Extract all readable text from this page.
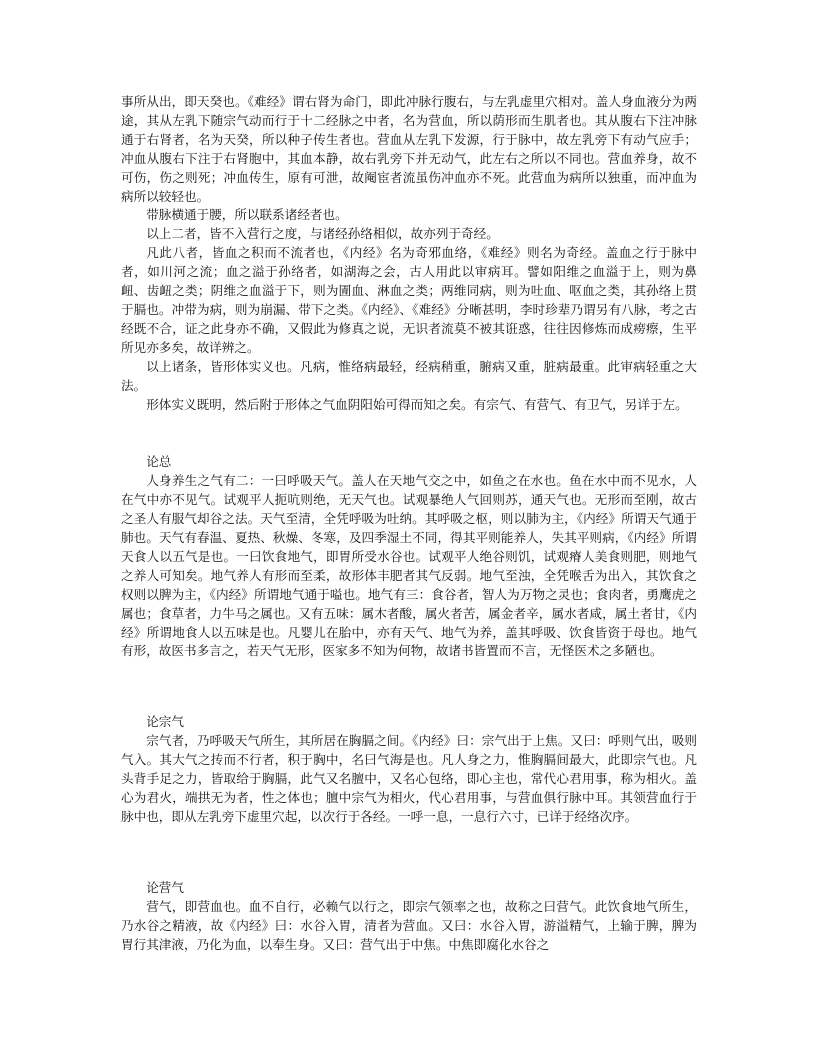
事所从出，即天癸也。《难经》谓右肾为命门，即此冲脉行腹右，与左乳虚里穴相对。盖人身血液分为两途，其从左乳下随宗气动而行于十二经脉之中者，名为营血，所以荫形而生肌者也。其从腹右下注冲脉通于右肾者，名为天癸，所以种子传生者也。营血从左乳下发源，行于脉中，故左乳旁下有动气应手；冲血从腹右下注于右肾胞中，其血本静，故右乳旁下并无动气，此左右之所以不同也。营血养身，故不可伤，伤之则死；冲血传生，原有可泄，故阉宦者流虽伤冲血亦不死。此营血为病所以独重，而冲血为病所以较轻也。

带脉横通于腰，所以联系诸经者也。

以上二者，皆不入营行之度，与诸经孙络相似，故亦列于奇经。

凡此八者，皆血之积而不流者也，《内经》名为奇邪血络，《难经》则名为奇经。盖血之行于脉中者，如川河之流；血之溢于孙络者，如湖海之会，古人用此以审病耳。譬如阳维之血溢于上，则为鼻衄、齿衄之类；阴维之血溢于下，则为圊血、淋血之类；两维同病，则为吐血、呕血之类，其孙络上贯于膈也。冲带为病，则为崩漏、带下之类。《内经》、《难经》分晰甚明，李时珍辈乃谓另有八脉，考之古经既不合，证之此身亦不确，又假此为修真之说，无识者流莫不被其诳惑，往往因修炼而成痨瘵，生平所见亦多矣，故详辨之。

以上诸条，皆形体实义也。凡病，惟络病最轻，经病稍重，腑病又重，脏病最重。此审病轻重之大法。

形体实义既明，然后附于形体之气血阴阳始可得而知之矣。有宗气、有营气、有卫气，另详于左。

论总

人身养生之气有二：一曰呼吸天气。盖人在天地气交之中，如鱼之在水也。鱼在水中而不见水，人在气中亦不见气。试观平人扼吭则绝，无天气也。试观暴绝人气回则苏，通天气也。无形而至刚，故古之圣人有服气却谷之法。天气至清，全凭呼吸为吐纳。其呼吸之枢，则以肺为主，《内经》所谓天气通于肺也。天气有春温、夏热、秋燥、冬寒，及四季湿土不同，得其平则能养人，失其平则病，《内经》所谓天食人以五气是也。一曰饮食地气，即胃所受水谷也。试观平人绝谷则饥，试观瘠人美食则肥，则地气之养人可知矣。地气养人有形而至柔，故形体丰肥者其气反弱。地气至浊，全凭喉舌为出入，其饮食之权则以脾为主，《内经》所谓地气通于嗌也。地气有三：食谷者，智人为万物之灵也；食肉者，勇鹰虎之属也；食草者，力牛马之属也。又有五味：属木者酸，属火者苦，属金者辛，属水者咸，属土者甘，《内经》所谓地食人以五味是也。凡婴儿在胎中，亦有天气、地气为养，盖其呼吸、饮食皆资于母也。地气有形，故医书多言之，若天气无形，医家多不知为何物，故诸书皆置而不言，无怪医术之多陋也。

论宗气

宗气者，乃呼吸天气所生，其所居在胸膈之间。《内经》曰：宗气出于上焦。又曰：呼则气出，吸则气入。其大气之抟而不行者，积于胸中，名曰气海是也。凡人身之力，惟胸膈间最大，此即宗气也。凡头背手足之力，皆取给于胸膈，此气又名膻中，又名心包络，即心主也，常代心君用事，称为相火。盖心为君火，端拱无为者，性之体也；膻中宗气为相火，代心君用事，与营血俱行脉中耳。其领营血行于脉中也，即从左乳旁下虚里穴起，以次行于各经。一呼一息，一息行六寸，已详于经络次序。

论营气

营气，即营血也。血不自行，必赖气以行之，即宗气领率之也，故称之曰营气。此饮食地气所生，乃水谷之精液，故《内经》曰：水谷入胃，清者为营血。又曰：水谷入胃，游溢精气，上输于脾，脾为胃行其津液，乃化为血，以奉生身。又曰：营气出于中焦。中焦即腐化水谷之
